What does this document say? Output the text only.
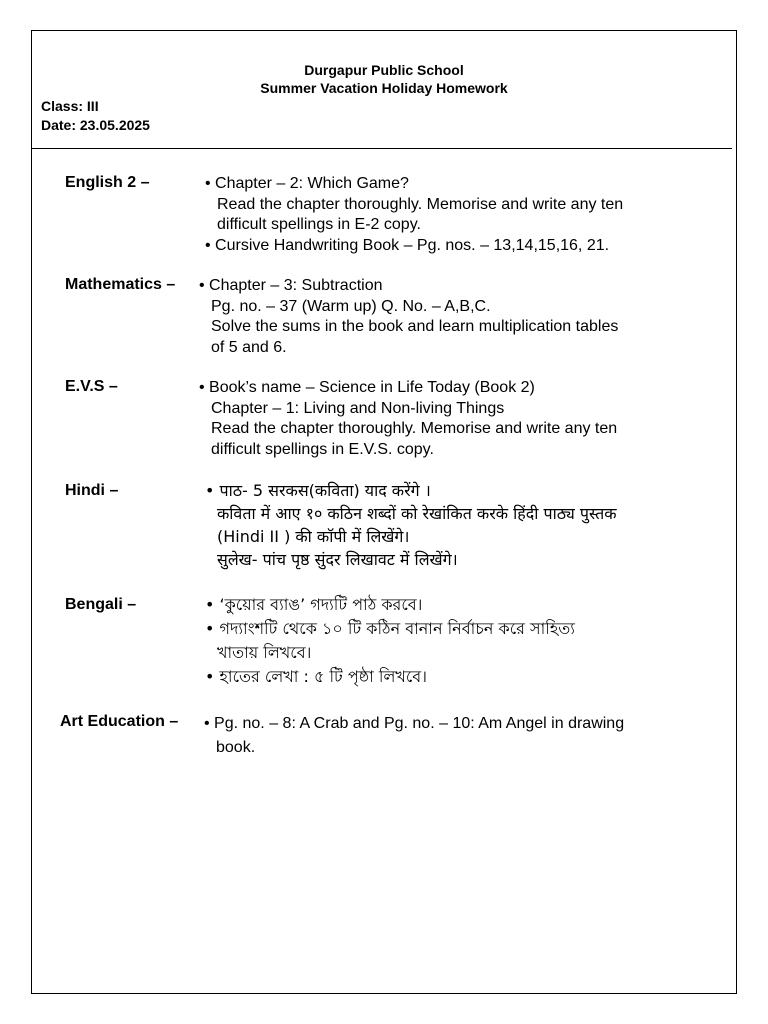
Durgapur Public School
Summer Vacation Holiday Homework
Class: III
Date: 23.05.2025
English 2 –	• Chapter – 2: Which Game?
Read the chapter thoroughly. Memorise and write any ten
difficult spellings in E-2 copy.
• Cursive Handwriting Book – Pg. nos. – 13,14,15,16, 21.
Mathematics – • Chapter – 3: Subtraction
Pg. no. – 37 (Warm up) Q. No. – A,B,C.
Solve the sums in the book and learn multiplication tables
of 5 and 6.
E.V.S –	• Book’s name – Science in Life Today (Book 2)
Chapter – 1: Living and Non-living Things
Read the chapter thoroughly. Memorise and write any ten
difficult spellings in E.V.S. copy.
Hindi –	• पाठ- 5 सरकस(कविता) याद करेंगे ।
कविता में आए १० कठिन शब्दों को रेखांकित करके हिंदी पाठ्य पुस्तक
(Hindi II ) की कॉपी में लिखेंगे।
सुलेख- पांच पृष्ठ सुंदर लिखावट में लिखेंगे।
Bengali –	• ‘কুয়োর ব্যাঙ’ গদ্যটি পাঠ করবে।
• গদ্যাংশটি থেকে ১০ টি কঠিন বানান নির্বাচন করে সাহিত্য
খাতায় লিখবে।
• হাতের লেখা : ৫ টি পৃষ্ঠা লিখবে।
Art Education – • Pg. no. – 8: A Crab and Pg. no. – 10: Am Angel in drawing
book.
